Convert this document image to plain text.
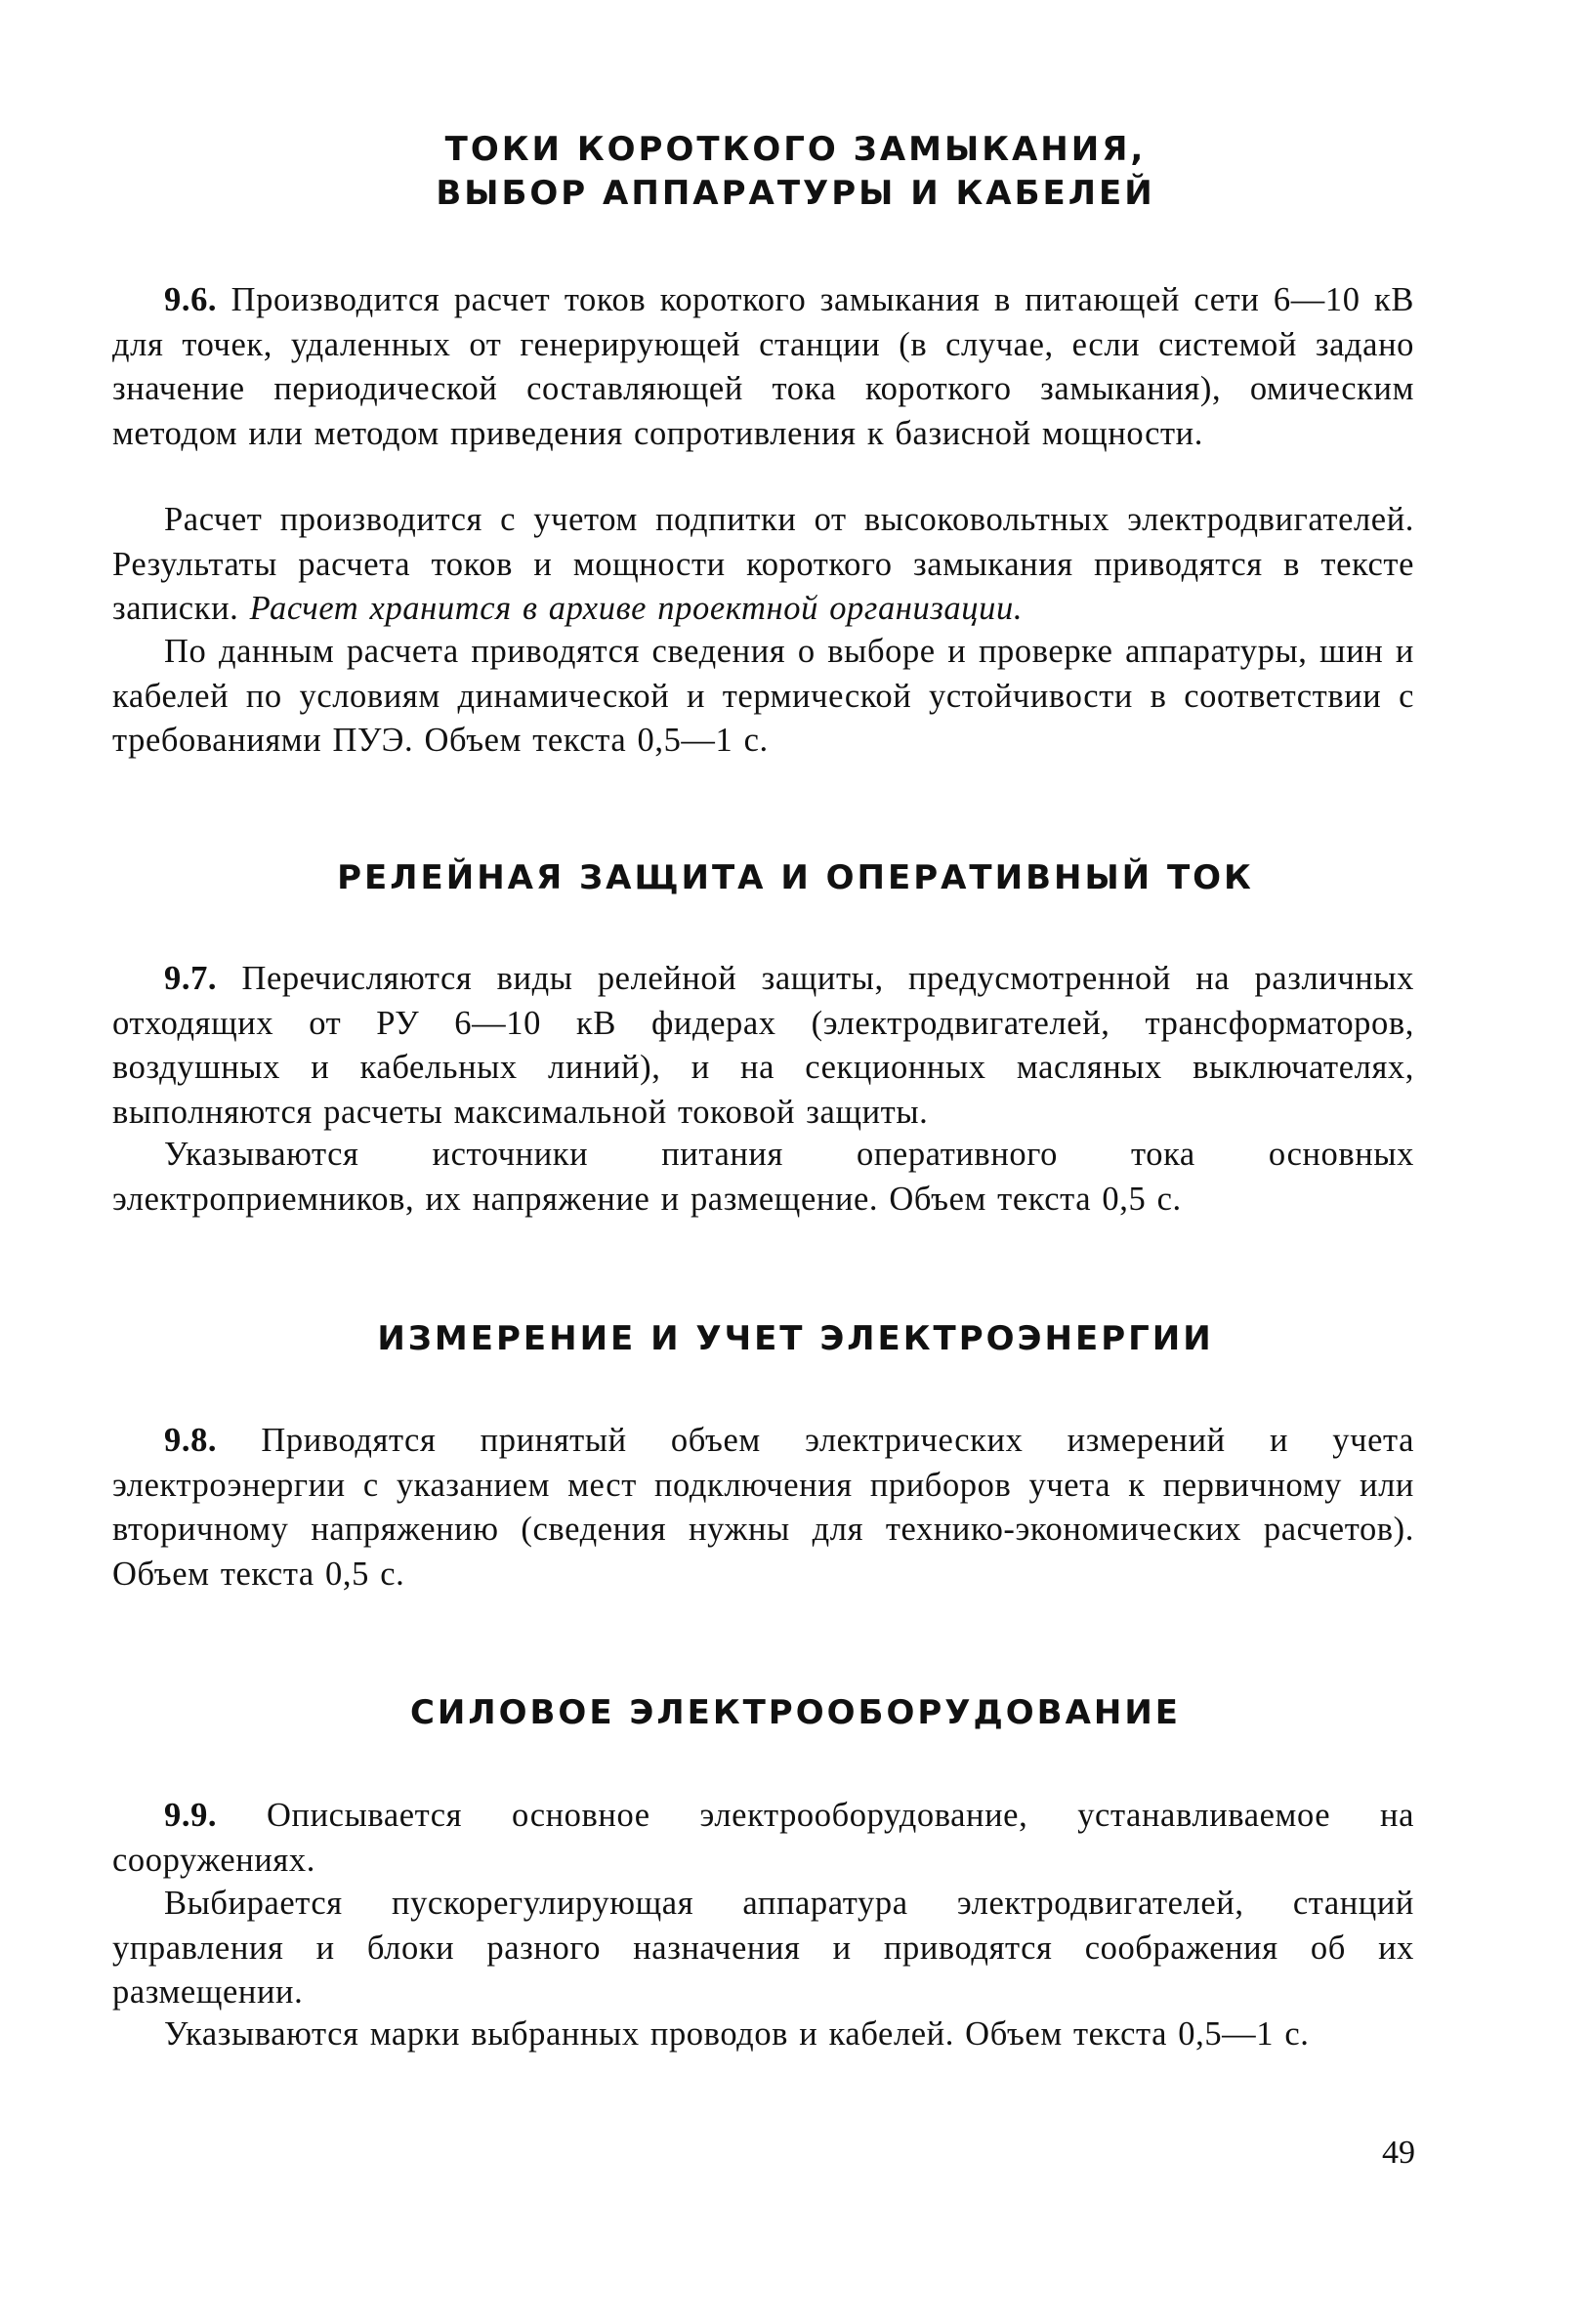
ТОКИ КОРОТКОГО ЗАМЫКАНИЯ,
ВЫБОР АППАРАТУРЫ И КАБЕЛЕЙ

9.6. Производится расчет токов короткого замыкания в питающей сети 6—10 кВ для точек, удаленных от генерирующей станции (в случае, если системой задано значение периодической составляющей тока короткого замыкания), омическим методом или методом приведения сопротивления к базисной мощности.

Расчет производится с учетом подпитки от высоковольтных электродвигателей. Результаты расчета токов и мощности короткого замыкания приводятся в тексте записки. Расчет хранится в архиве проектной организации.

По данным расчета приводятся сведения о выборе и проверке аппаратуры, шин и кабелей по условиям динамической и термической устойчивости в соответствии с требованиями ПУЭ. Объем текста 0,5—1 с.

РЕЛЕЙНАЯ ЗАЩИТА И ОПЕРАТИВНЫЙ ТОК

9.7. Перечисляются виды релейной защиты, предусмотренной на различных отходящих от РУ 6—10 кВ фидерах (электродвигателей, трансформаторов, воздушных и кабельных линий), и на секционных масляных выключателях, выполняются расчеты максимальной токовой защиты.

Указываются источники питания оперативного тока основных электроприемников, их напряжение и размещение. Объем текста 0,5 с.

ИЗМЕРЕНИЕ И УЧЕТ ЭЛЕКТРОЭНЕРГИИ

9.8. Приводятся принятый объем электрических измерений и учета электроэнергии с указанием мест подключения приборов учета к первичному или вторичному напряжению (сведения нужны для технико-экономических расчетов). Объем текста 0,5 с.

СИЛОВОЕ ЭЛЕКТРООБОРУДОВАНИЕ

9.9. Описывается основное электрооборудование, устанавливаемое на сооружениях.

Выбирается пускорегулирующая аппаратура электродвигателей, станций управления и блоки разного назначения и приводятся соображения об их размещении.

Указываются марки выбранных проводов и кабелей. Объем текста 0,5—1 с.

49
